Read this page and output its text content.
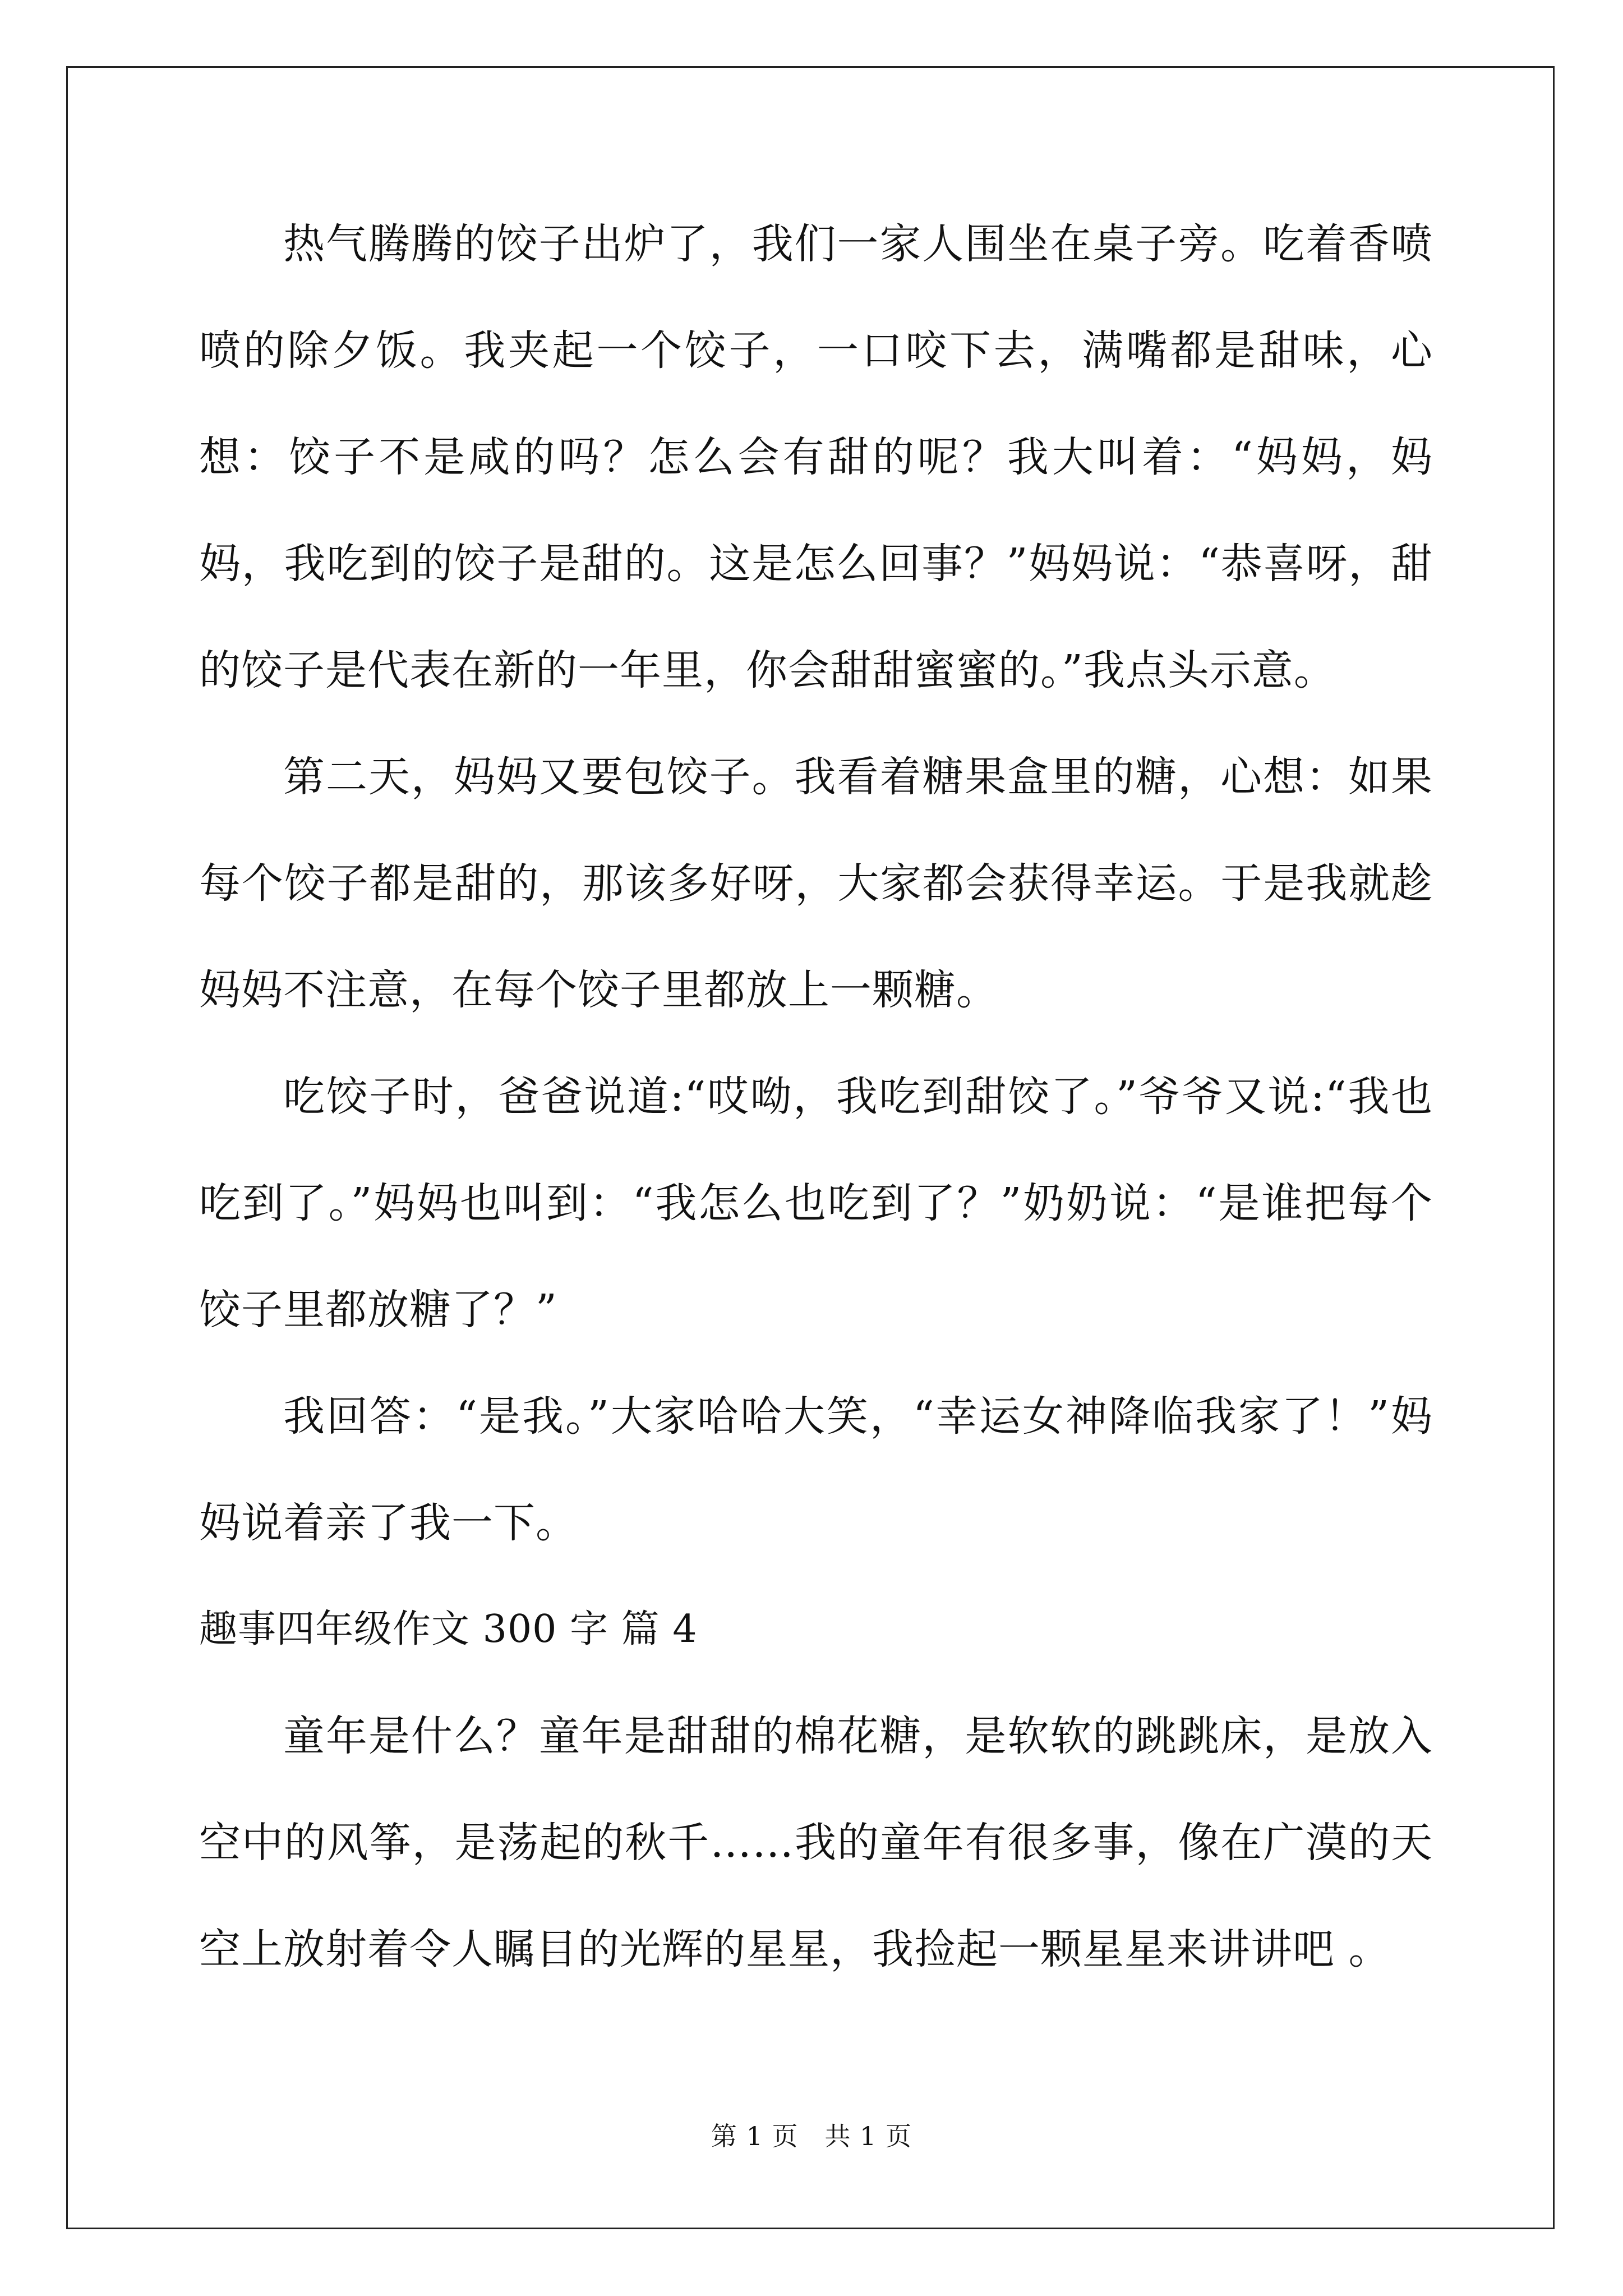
热气腾腾的饺子出炉了，我们一家人围坐在桌子旁。吃着香喷喷的除夕饭。我夹起一个饺子，一口咬下去，满嘴都是甜味，心想：饺子不是咸的吗？怎么会有甜的呢？我大叫着：“妈妈，妈妈，我吃到的饺子是甜的。这是怎么回事？”妈妈说：“恭喜呀，甜的饺子是代表在新的一年里，你会甜甜蜜蜜的。”我点头示意。

第二天，妈妈又要包饺子。我看着糖果盒里的糖，心想：如果每个饺子都是甜的，那该多好呀，大家都会获得幸运。于是我就趁妈妈不注意，在每个饺子里都放上一颗糖。

吃饺子时，爸爸说道:“哎呦，我吃到甜饺了。”爷爷又说:“我也吃到了。”妈妈也叫到：“我怎么也吃到了？”奶奶说：“是谁把每个饺子里都放糖了？”

我回答：“是我。”大家哈哈大笑，“幸运女神降临我家了！”妈妈说着亲了我一下。

趣事四年级作文 300 字 篇 4

童年是什么？童年是甜甜的棉花糖，是软软的跳跳床，是放入空中的风筝，是荡起的秋千……我的童年有很多事，像在广漠的天空上放射着令人瞩目的光辉的星星，我捡起一颗星星来讲讲吧 。

第 1 页 共 1 页
